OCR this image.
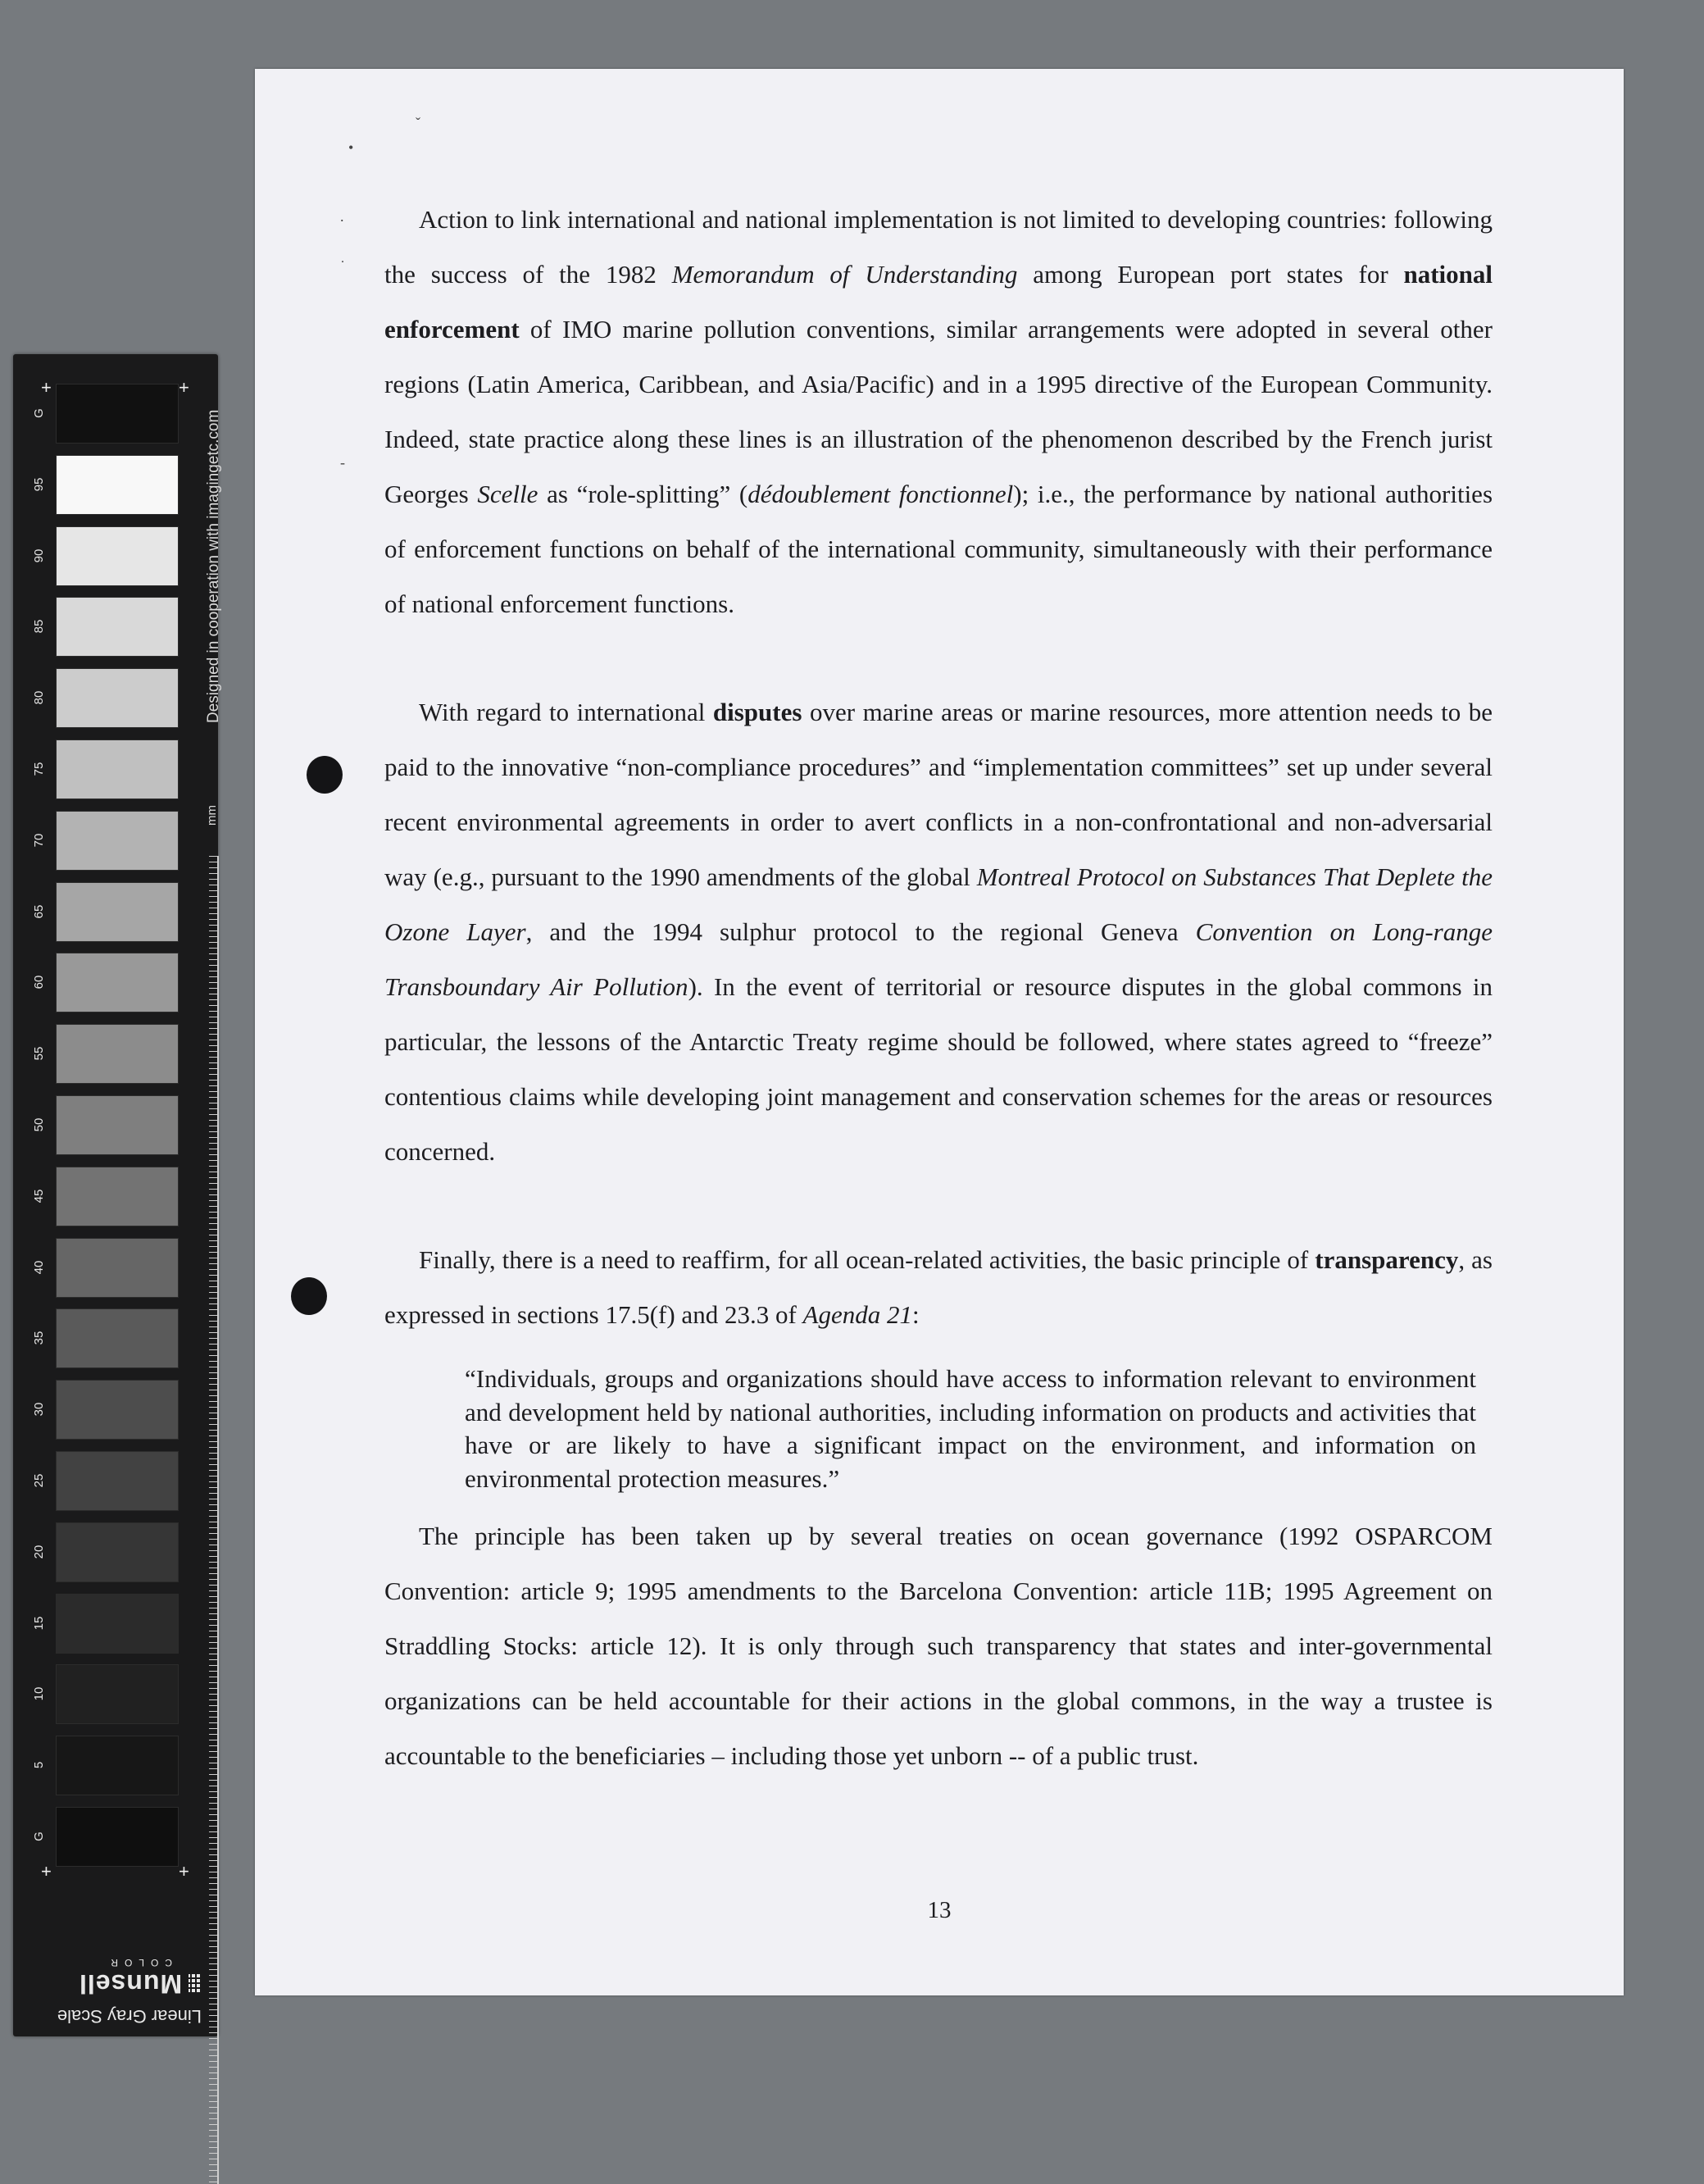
+	+
+	+
G
95
90
85
80
75
70
65
60
55
50
45
40
35
30
25
20
15
10
5
G
Designed in cooperation with imagingetc.com
mm
Linear Gray Scale
Munsell
COLOR
•
ˇ
.
˙
-

Action to link international and national implementation is not limited to developing countries: following the success of the 1982 Memorandum of Understanding among European port states for national enforcement of IMO marine pollution conventions, similar arrangements were adopted in several other regions (Latin America, Caribbean, and Asia/Pacific) and in a 1995 directive of the European Community. Indeed, state practice along these lines is an illustration of the phenomenon described by the French jurist Georges Scelle as “role-splitting” (dédoublement fonctionnel); i.e., the performance by national authorities of enforcement functions on behalf of the international community, simultaneously with their performance of national enforcement functions.

With regard to international disputes over marine areas or marine resources, more attention needs to be paid to the innovative “non-compliance procedures” and “implementation committees” set up under several recent environmental agreements in order to avert conflicts in a non-confrontational and non-adversarial way (e.g., pursuant to the 1990 amendments of the global Montreal Protocol on Substances That Deplete the Ozone Layer, and the 1994 sulphur protocol to the regional Geneva Convention on Long-range Transboundary Air Pollution). In the event of territorial or resource disputes in the global commons in particular, the lessons of the Antarctic Treaty regime should be followed, where states agreed to “freeze” contentious claims while developing joint management and conservation schemes for the areas or resources concerned.

Finally, there is a need to reaffirm, for all ocean-related activities, the basic principle of transparency, as expressed in sections 17.5(f) and 23.3 of Agenda 21:

“Individuals, groups and organizations should have access to information relevant to environment and development held by national authorities, including information on products and activities that have or are likely to have a significant impact on the environment, and information on environmental protection measures.”

The principle has been taken up by several treaties on ocean governance (1992 OSPARCOM Convention: article 9; 1995 amendments to the Barcelona Convention: article 11B; 1995 Agreement on Straddling Stocks: article 12). It is only through such transparency that states and inter-governmental organizations can be held accountable for their actions in the global commons, in the way a trustee is accountable to the beneficiaries – including those yet unborn -- of a public trust.

13
